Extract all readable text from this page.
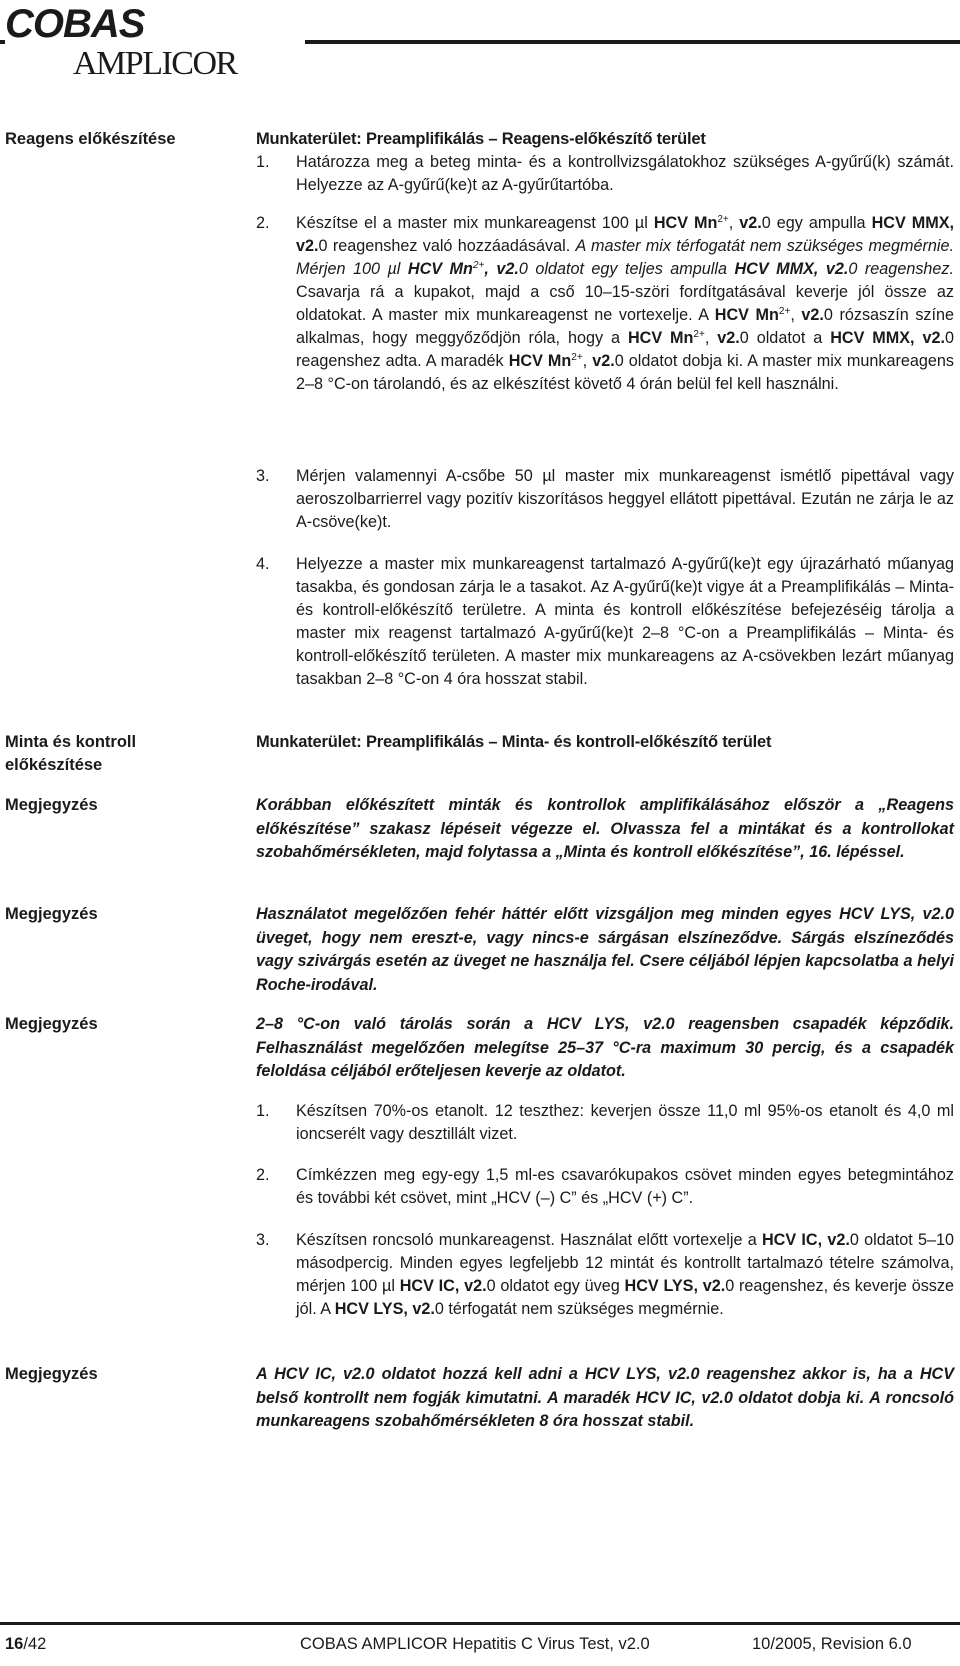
COBAS
AMPLICOR
Reagens előkészítése
Minta és kontroll előkészítése
Megjegyzés
Megjegyzés
Megjegyzés
Megjegyzés
Munkaterület: Preamplifikálás – Reagens-előkészítő terület
1. Határozza meg a beteg minta- és a kontrollvizsgálatokhoz szükséges A-gyűrű(k) számát. Helyezze az A-gyűrű(ke)t az A-gyűrűtartóba.
2. Készítse el a master mix munkareagenst 100 µl HCV $Mn^{2+}$, v2.0 egy ampulla HCV MMX, v2.0 reagenshez való hozzáadásával. A master mix térfogatát nem szükséges megmérnie. Mérjen 100 µl HCV $Mn^{2+}$, v2.0 oldatot egy teljes ampulla HCV MMX, v2.0 reagenshez. Csavarja rá a kupakot, majd a cső 10–15-szöri fordítgatásával keverje jól össze az oldatokat. A master mix munkareagenst ne vortexelje. A HCV $Mn^{2+}$, v2.0 rózsaszín színe alkalmas, hogy meggyőződjön róla, hogy a HCV $Mn^{2+}$, v2.0 oldatot a HCV MMX, v2.0 reagenshez adta. A maradék HCV $Mn^{2+}$, v2.0 oldatot dobja ki. A master mix munkareagens 2–8 °C-on tárolandó, és az elkészítést követő 4 órán belül fel kell használni.
3. Mérjen valamennyi A-csőbe 50 µl master mix munkareagenst ismétlő pipettával vagy aeroszolbarrierrel vagy pozitív kiszorításos heggyel ellátott pipettával. Ezután ne zárja le az A-csöve(ke)t.
4. Helyezze a master mix munkareagenst tartalmazó A-gyűrű(ke)t egy újrazárható műanyag tasakba, és gondosan zárja le a tasakot. Az A-gyűrű(ke)t vigye át a Preamplifikálás – Minta- és kontroll-előkészítő területre. A minta és kontroll előkészítése befejezéséig tárolja a master mix reagenst tartalmazó A-gyűrű(ke)t 2–8 °C-on a Preamplifikálás – Minta- és kontroll-előkészítő területen. A master mix munkareagens az A-csövekben lezárt műanyag tasakban 2–8 °C-on 4 óra hosszat stabil.
Munkaterület: Preamplifikálás – Minta- és kontroll-előkészítő terület
Korábban előkészített minták és kontrollok amplifikálásához először a „Reagens előkészítése” szakasz lépéseit végezze el. Olvassza fel a mintákat és a kontrollokat szobahőmérsékleten, majd folytassa a „Minta és kontroll előkészítése”, 16. lépéssel.
Használatot megelőzően fehér háttér előtt vizsgáljon meg minden egyes HCV LYS, v2.0 üveget, hogy nem ereszt-e, vagy nincs-e sárgásan elszíneződve. Sárgás elszíneződés vagy szivárgás esetén az üveget ne használja fel. Csere céljából lépjen kapcsolatba a helyi Roche-irodával.
2–8 °C-on való tárolás során a HCV LYS, v2.0 reagensben csapadék képződik. Felhasználást megelőzően melegítse 25–37 °C-ra maximum 30 percig, és a csapadék feloldása céljából erőteljesen keverje az oldatot.
1. Készítsen 70%-os etanolt. 12 teszthez: keverjen össze 11,0 ml 95%-os etanolt és 4,0 ml ioncserélt vagy desztillált vizet.
2. Címkézzen meg egy-egy 1,5 ml-es csavarókupakos csövet minden egyes betegmintához és további két csövet, mint „HCV (–) C” és „HCV (+) C”.
3. Készítsen roncsoló munkareagenst. Használat előtt vortexelje a HCV IC, v2.0 oldatot 5–10 másodpercig. Minden egyes legfeljebb 12 mintát és kontrollt tartalmazó tételre számolva, mérjen 100 µl HCV IC, v2.0 oldatot egy üveg HCV LYS, v2.0 reagenshez, és keverje össze jól. A HCV LYS, v2.0 térfogatát nem szükséges megmérnie.
A HCV IC, v2.0 oldatot hozzá kell adni a HCV LYS, v2.0 reagenshez akkor is, ha a HCV belső kontrollt nem fogják kimutatni. A maradék HCV IC, v2.0 oldatot dobja ki. A roncsoló munkareagens szobahőmérsékleten 8 óra hosszat stabil.
16/42	COBAS AMPLICOR Hepatitis C Virus Test, v2.0	10/2005, Revision 6.0
